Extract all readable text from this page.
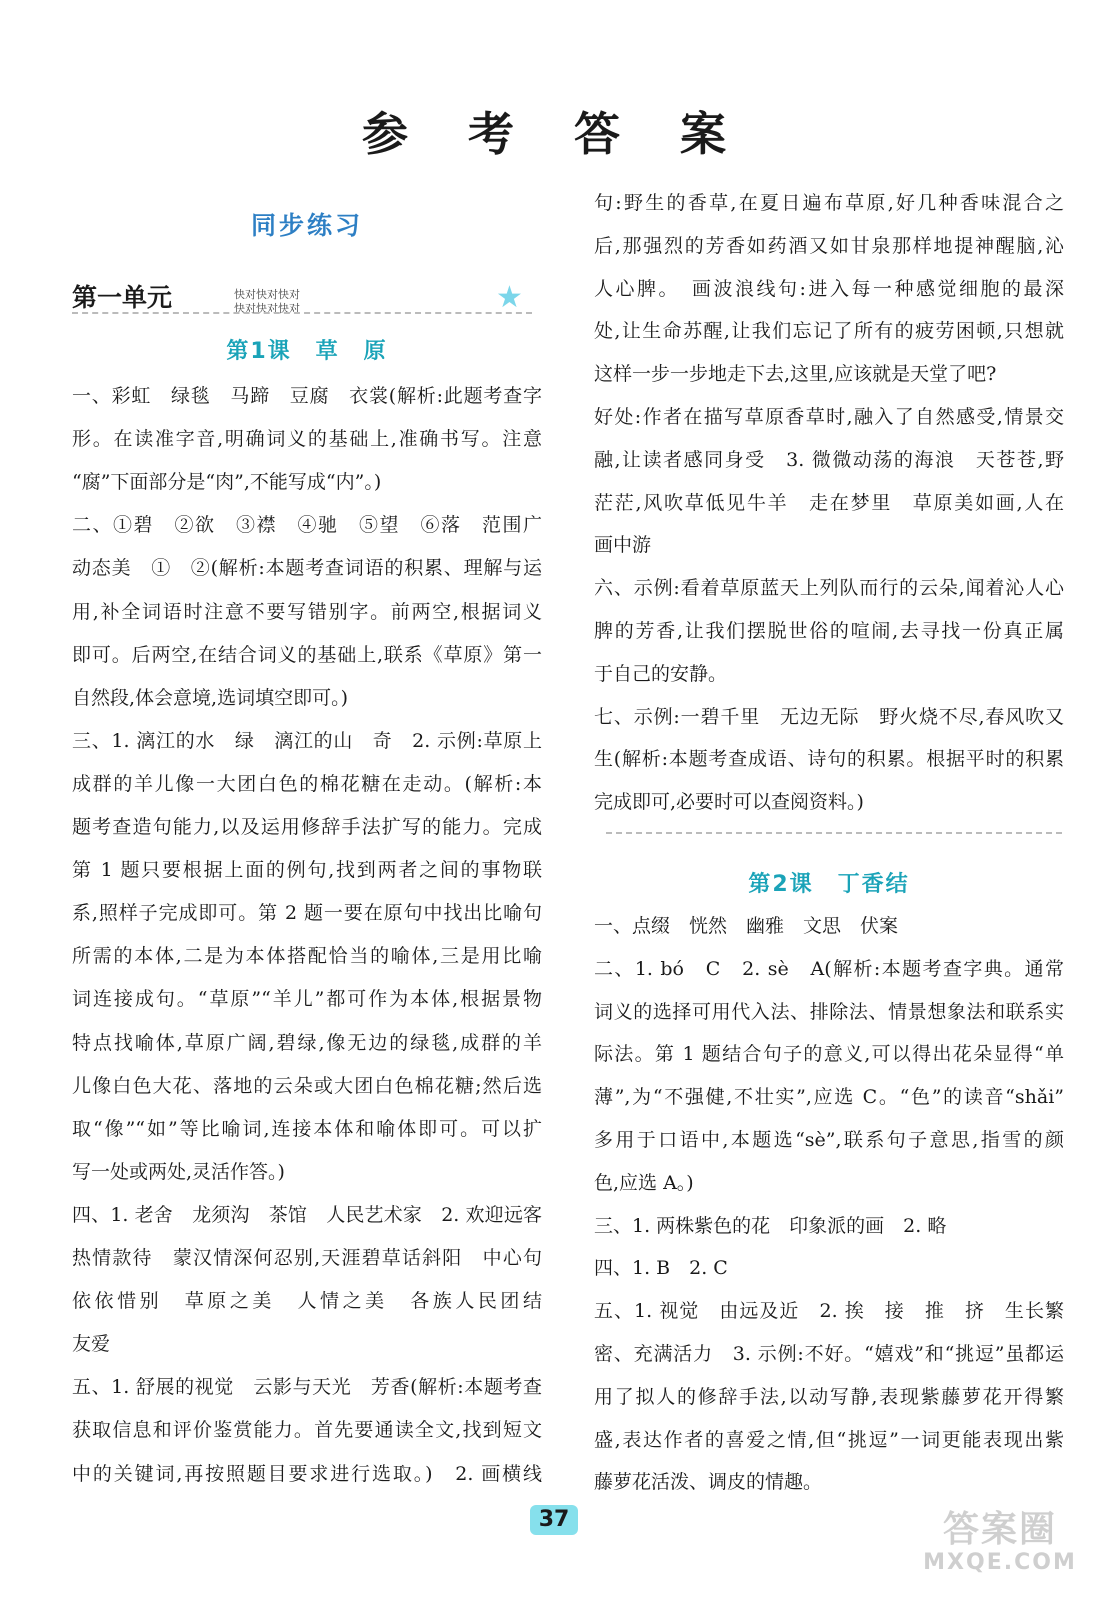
参 考 答 案
同步练习
第一单元	快对快对快对
快对快对快对	★
第1课　草　原
一、彩虹　绿毯　马蹄　豆腐　衣裳(解析:此题考查字
形。在读准字音,明确词义的基础上,准确书写。注意
“腐”下面部分是“肉”,不能写成“内”。)
二、①碧　②欲　③襟　④驰　⑤望　⑥落　范围广
动态美　①　②(解析:本题考查词语的积累、理解与运
用,补全词语时注意不要写错别字。前两空,根据词义
即可。后两空,在结合词义的基础上,联系《草原》第一
自然段,体会意境,选词填空即可。)
三、1. 漓江的水　绿　漓江的山　奇　2. 示例:草原上
成群的羊儿像一大团白色的棉花糖在走动。(解析:本
题考查造句能力,以及运用修辞手法扩写的能力。完成
第 1 题只要根据上面的例句,找到两者之间的事物联
系,照样子完成即可。第 2 题一要在原句中找出比喻句
所需的本体,二是为本体搭配恰当的喻体,三是用比喻
词连接成句。“草原”“羊儿”都可作为本体,根据景物
特点找喻体,草原广阔,碧绿,像无边的绿毯,成群的羊
儿像白色大花、落地的云朵或大团白色棉花糖;然后选
取“像”“如”等比喻词,连接本体和喻体即可。可以扩
写一处或两处,灵活作答。)
四、1. 老舍　龙须沟　茶馆　人民艺术家　2. 欢迎远客
热情款待　蒙汉情深何忍别,天涯碧草话斜阳　中心句
依依惜别　草原之美　人情之美　各族人民团结
友爱
五、1. 舒展的视觉　云影与天光　芳香(解析:本题考查
获取信息和评价鉴赏能力。首先要通读全文,找到短文
中的关键词,再按照题目要求进行选取。)　2. 画横线
句:野生的香草,在夏日遍布草原,好几种香味混合之
后,那强烈的芳香如药酒又如甘泉那样地提神醒脑,沁
人心脾。　画波浪线句:进入每一种感觉细胞的最深
处,让生命苏醒,让我们忘记了所有的疲劳困顿,只想就
这样一步一步地走下去,这里,应该就是天堂了吧?
好处:作者在描写草原香草时,融入了自然感受,情景交
融,让读者感同身受　3. 微微动荡的海浪　天苍苍,野
茫茫,风吹草低见牛羊　走在梦里　草原美如画,人在
画中游
六、示例:看着草原蓝天上列队而行的云朵,闻着沁人心
脾的芳香,让我们摆脱世俗的喧闹,去寻找一份真正属
于自己的安静。
七、示例:一碧千里　无边无际　野火烧不尽,春风吹又
生(解析:本题考查成语、诗句的积累。根据平时的积累
完成即可,必要时可以查阅资料。)
第2课　丁香结
一、点缀　恍然　幽雅　文思　伏案
二、1. bó　C　2. sè　A(解析:本题考查字典。通常
词义的选择可用代入法、排除法、情景想象法和联系实
际法。第 1 题结合句子的意义,可以得出花朵显得“单
薄”,为“不强健,不壮实”,应选 C。“色”的读音“shǎi”
多用于口语中,本题选“sè”,联系句子意思,指雪的颜
色,应选 A。)
三、1. 两株紫色的花　印象派的画　2. 略
四、1. B　2. C
五、1. 视觉　由远及近　2. 挨　接　推　挤　生长繁
密、充满活力　3. 示例:不好。“嬉戏”和“挑逗”虽都运
用了拟人的修辞手法,以动写静,表现紫藤萝花开得繁
盛,表达作者的喜爱之情,但“挑逗”一词更能表现出紫
藤萝花活泼、调皮的情趣。
37	答案圈
MXQE.COM
